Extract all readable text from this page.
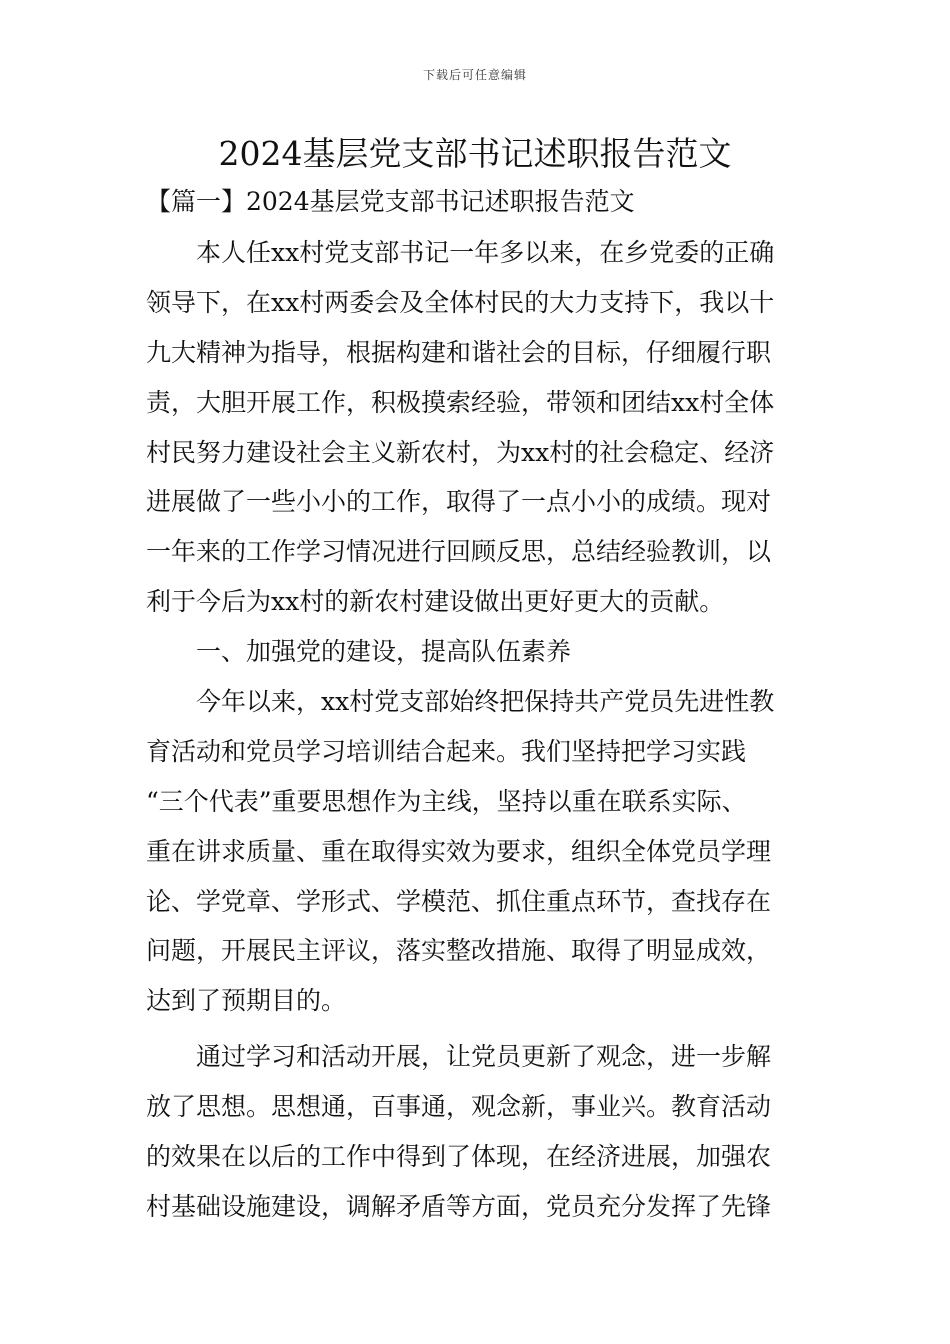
下载后可任意编辑
2024基层党支部书记述职报告范文
【篇一】2024基层党支部书记述职报告范文
本人任xx村党支部书记一年多以来，在乡党委的正确
领导下，在xx村两委会及全体村民的大力支持下，我以十
九大精神为指导，根据构建和谐社会的目标，仔细履行职
责，大胆开展工作，积极摸索经验，带领和团结xx村全体
村民努力建设社会主义新农村，为xx村的社会稳定、经济
进展做了一些小小的工作，取得了一点小小的成绩。现对
一年来的工作学习情况进行回顾反思，总结经验教训，以
利于今后为xx村的新农村建设做出更好更大的贡献。
一、加强党的建设，提高队伍素养
今年以来，xx村党支部始终把保持共产党员先进性教
育活动和党员学习培训结合起来。我们坚持把学习实践
“三个代表”重要思想作为主线，坚持以重在联系实际、
重在讲求质量、重在取得实效为要求，组织全体党员学理
论、学党章、学形式、学模范、抓住重点环节，查找存在
问题，开展民主评议，落实整改措施、取得了明显成效，
达到了预期目的。
通过学习和活动开展，让党员更新了观念，进一步解
放了思想。思想通，百事通，观念新，事业兴。教育活动
的效果在以后的工作中得到了体现，在经济进展，加强农
村基础设施建设，调解矛盾等方面，党员充分发挥了先锋
